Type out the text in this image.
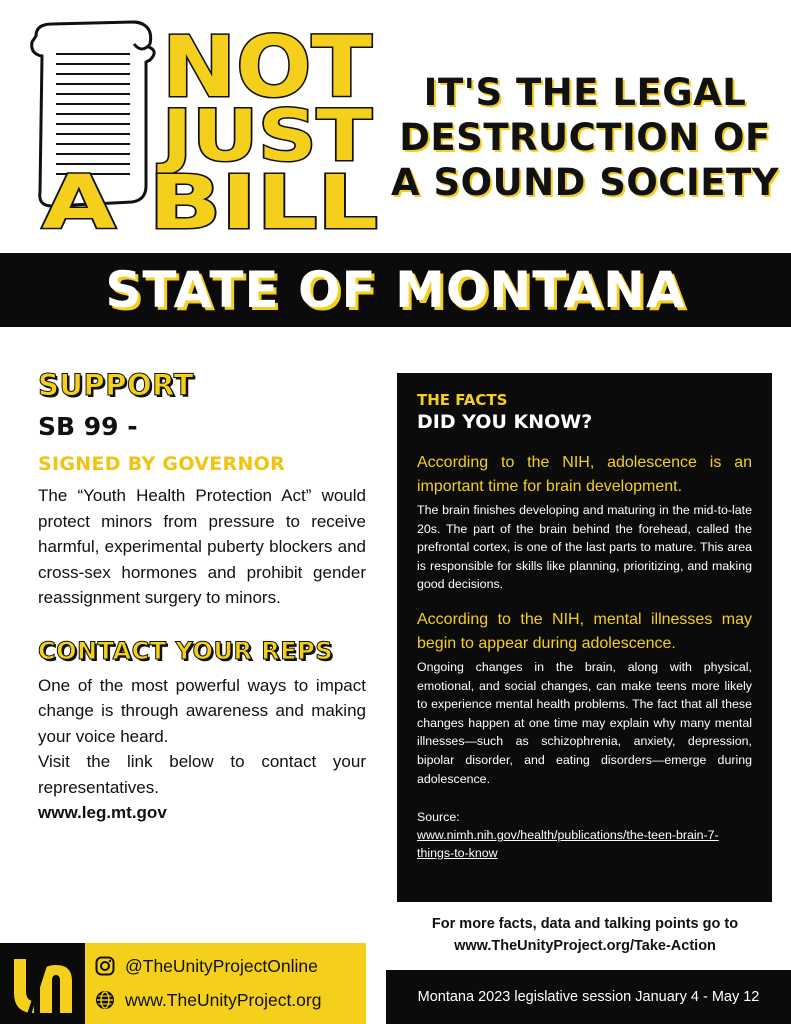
NOT
JUST
A BILL
IT'S THE LEGAL
DESTRUCTION OF
A SOUND SOCIETY
STATE OF MONTANA
SUPPORT
SB 99 -
SIGNED BY GOVERNOR

The “Youth Health Protection Act” would protect minors from pressure to receive harmful, experimental puberty blockers and cross-sex hormones and prohibit gender reassignment surgery to minors.

CONTACT YOUR REPS

One of the most powerful ways to impact change is through awareness and making your voice heard.

Visit the link below to contact your representatives.

www.leg.mt.gov
THE FACTS
DID YOU KNOW?

According to the NIH, adolescence is an important time for brain development.

The brain finishes developing and maturing in the mid-to-late 20s. The part of the brain behind the forehead, called the prefrontal cortex, is one of the last parts to mature. This area is responsible for skills like planning, prioritizing, and making good decisions.

According to the NIH, mental illnesses may begin to appear during adolescence.

Ongoing changes in the brain, along with physical, emotional, and social changes, can make teens more likely to experience mental health problems. The fact that all these changes happen at one time may explain why many mental illnesses—such as schizophrenia, anxiety, depression, bipolar disorder, and eating disorders—emerge during adolescence.

Source:

www.nimh.nih.gov/health/publications/the-teen-brain-7-things-to-know
For more facts, data and talking points go to
www.TheUnityProject.org/Take-Action
@TheUnityProjectOnline
www.TheUnityProject.org	Montana 2023 legislative session January 4 - May 12
